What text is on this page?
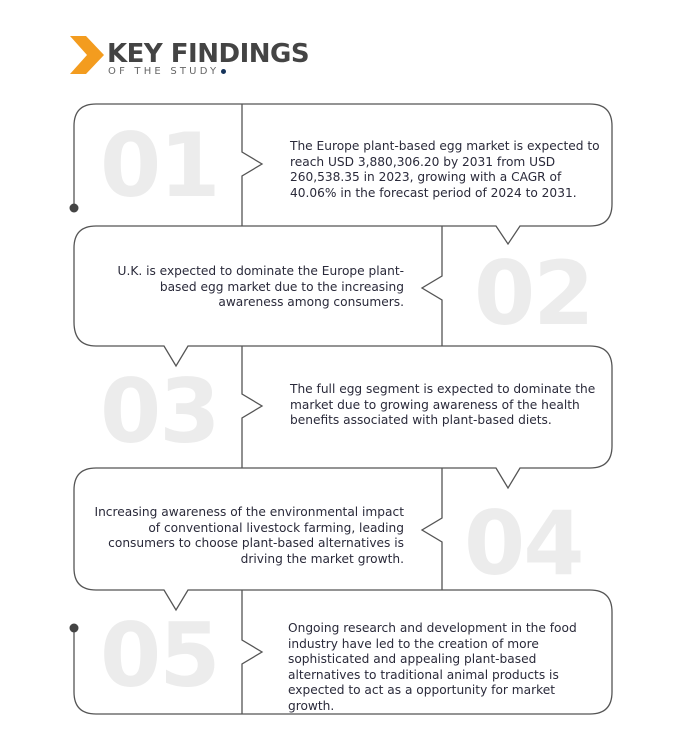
KEY FINDINGS
OF THE STUDY
01
02
03
04
05
The Europe plant-based egg market is expected to reach USD 3,880,306.20 by 2031 from USD 260,538.35 in 2023, growing with a CAGR of 40.06% in the forecast period of 2024 to 2031.
U.K. is expected to dominate the Europe plant-based egg market due to the increasing awareness among consumers.
The full egg segment is expected to dominate the market due to growing awareness of the health benefits associated with plant-based diets.
Increasing awareness of the environmental impact of conventional livestock farming, leading consumers to choose plant-based alternatives is driving the market growth.
Ongoing research and development in the food industry have led to the creation of more sophisticated and appealing plant-based alternatives to traditional animal products is expected to act as a opportunity for market growth.
